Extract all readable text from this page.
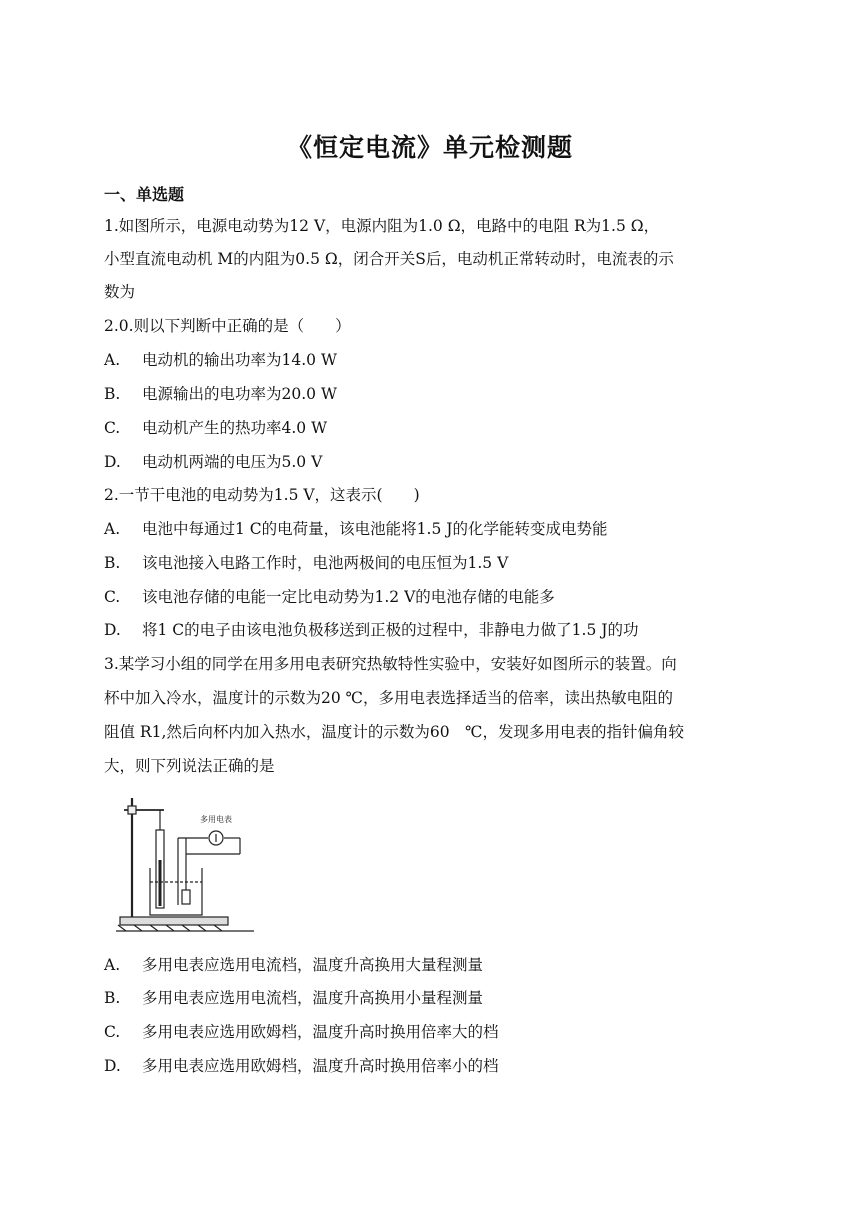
《恒定电流》单元检测题
一、单选题
1.如图所示，电源电动势为12 V，电源内阻为1.0 Ω，电路中的电阻 R为1.5 Ω，
小型直流电动机 M的内阻为0.5 Ω，闭合开关S后，电动机正常转动时，电流表的示
数为
2.0.则以下判断中正确的是（　　）
A. 电动机的输出功率为14.0 W
B. 电源输出的电功率为20.0 W
C. 电动机产生的热功率4.0 W
D. 电动机两端的电压为5.0 V
2.一节干电池的电动势为1.5 V，这表示(　　)
A. 电池中每通过1 C的电荷量，该电池能将1.5 J的化学能转变成电势能
B. 该电池接入电路工作时，电池两极间的电压恒为1.5 V
C. 该电池存储的电能一定比电动势为1.2 V的电池存储的电能多
D. 将1 C的电子由该电池负极移送到正极的过程中，非静电力做了1.5 J的功
3.某学习小组的同学在用多用电表研究热敏特性实验中，安装好如图所示的装置。向
杯中加入冷水，温度计的示数为20 ℃，多用电表选择适当的倍率，读出热敏电阻的
阻值 R1,然后向杯内加入热水，温度计的示数为60　℃，发现多用电表的指针偏角较
大，则下列说法正确的是
多用电表
A. 多用电表应选用电流档，温度升高换用大量程测量
B. 多用电表应选用电流档，温度升高换用小量程测量
C. 多用电表应选用欧姆档，温度升高时换用倍率大的档
D. 多用电表应选用欧姆档，温度升高时换用倍率小的档
